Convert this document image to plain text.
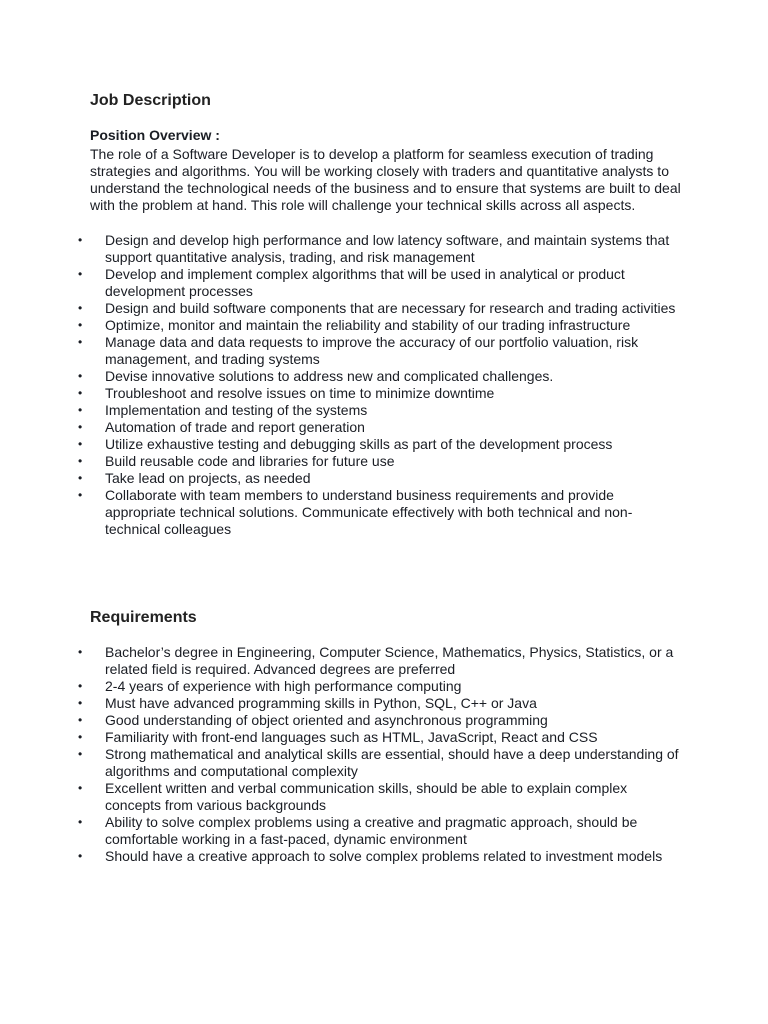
Job Description
Position Overview :

The role of a Software Developer is to develop a platform for seamless execution of trading strategies and algorithms. You will be working closely with traders and quantitative analysts to understand the technological needs of the business and to ensure that systems are built to deal with the problem at hand. This role will challenge your technical skills across all aspects.

• Design and develop high performance and low latency software, and maintain systems that support quantitative analysis, trading, and risk management
• Develop and implement complex algorithms that will be used in analytical or product development processes
• Design and build software components that are necessary for research and trading activities
• Optimize, monitor and maintain the reliability and stability of our trading infrastructure
• Manage data and data requests to improve the accuracy of our portfolio valuation, risk management, and trading systems
• Devise innovative solutions to address new and complicated challenges.
• Troubleshoot and resolve issues on time to minimize downtime
• Implementation and testing of the systems
• Automation of trade and report generation
• Utilize exhaustive testing and debugging skills as part of the development process
• Build reusable code and libraries for future use
• Take lead on projects, as needed
• Collaborate with team members to understand business requirements and provide appropriate technical solutions. Communicate effectively with both technical and non-technical colleagues
Requirements
• Bachelor’s degree in Engineering, Computer Science, Mathematics, Physics, Statistics, or a related field is required. Advanced degrees are preferred
• 2-4 years of experience with high performance computing
• Must have advanced programming skills in Python, SQL, C++ or Java
• Good understanding of object oriented and asynchronous programming
• Familiarity with front-end languages such as HTML, JavaScript, React and CSS
• Strong mathematical and analytical skills are essential, should have a deep understanding of algorithms and computational complexity
• Excellent written and verbal communication skills, should be able to explain complex concepts from various backgrounds
• Ability to solve complex problems using a creative and pragmatic approach, should be comfortable working in a fast-paced, dynamic environment
• Should have a creative approach to solve complex problems related to investment models
